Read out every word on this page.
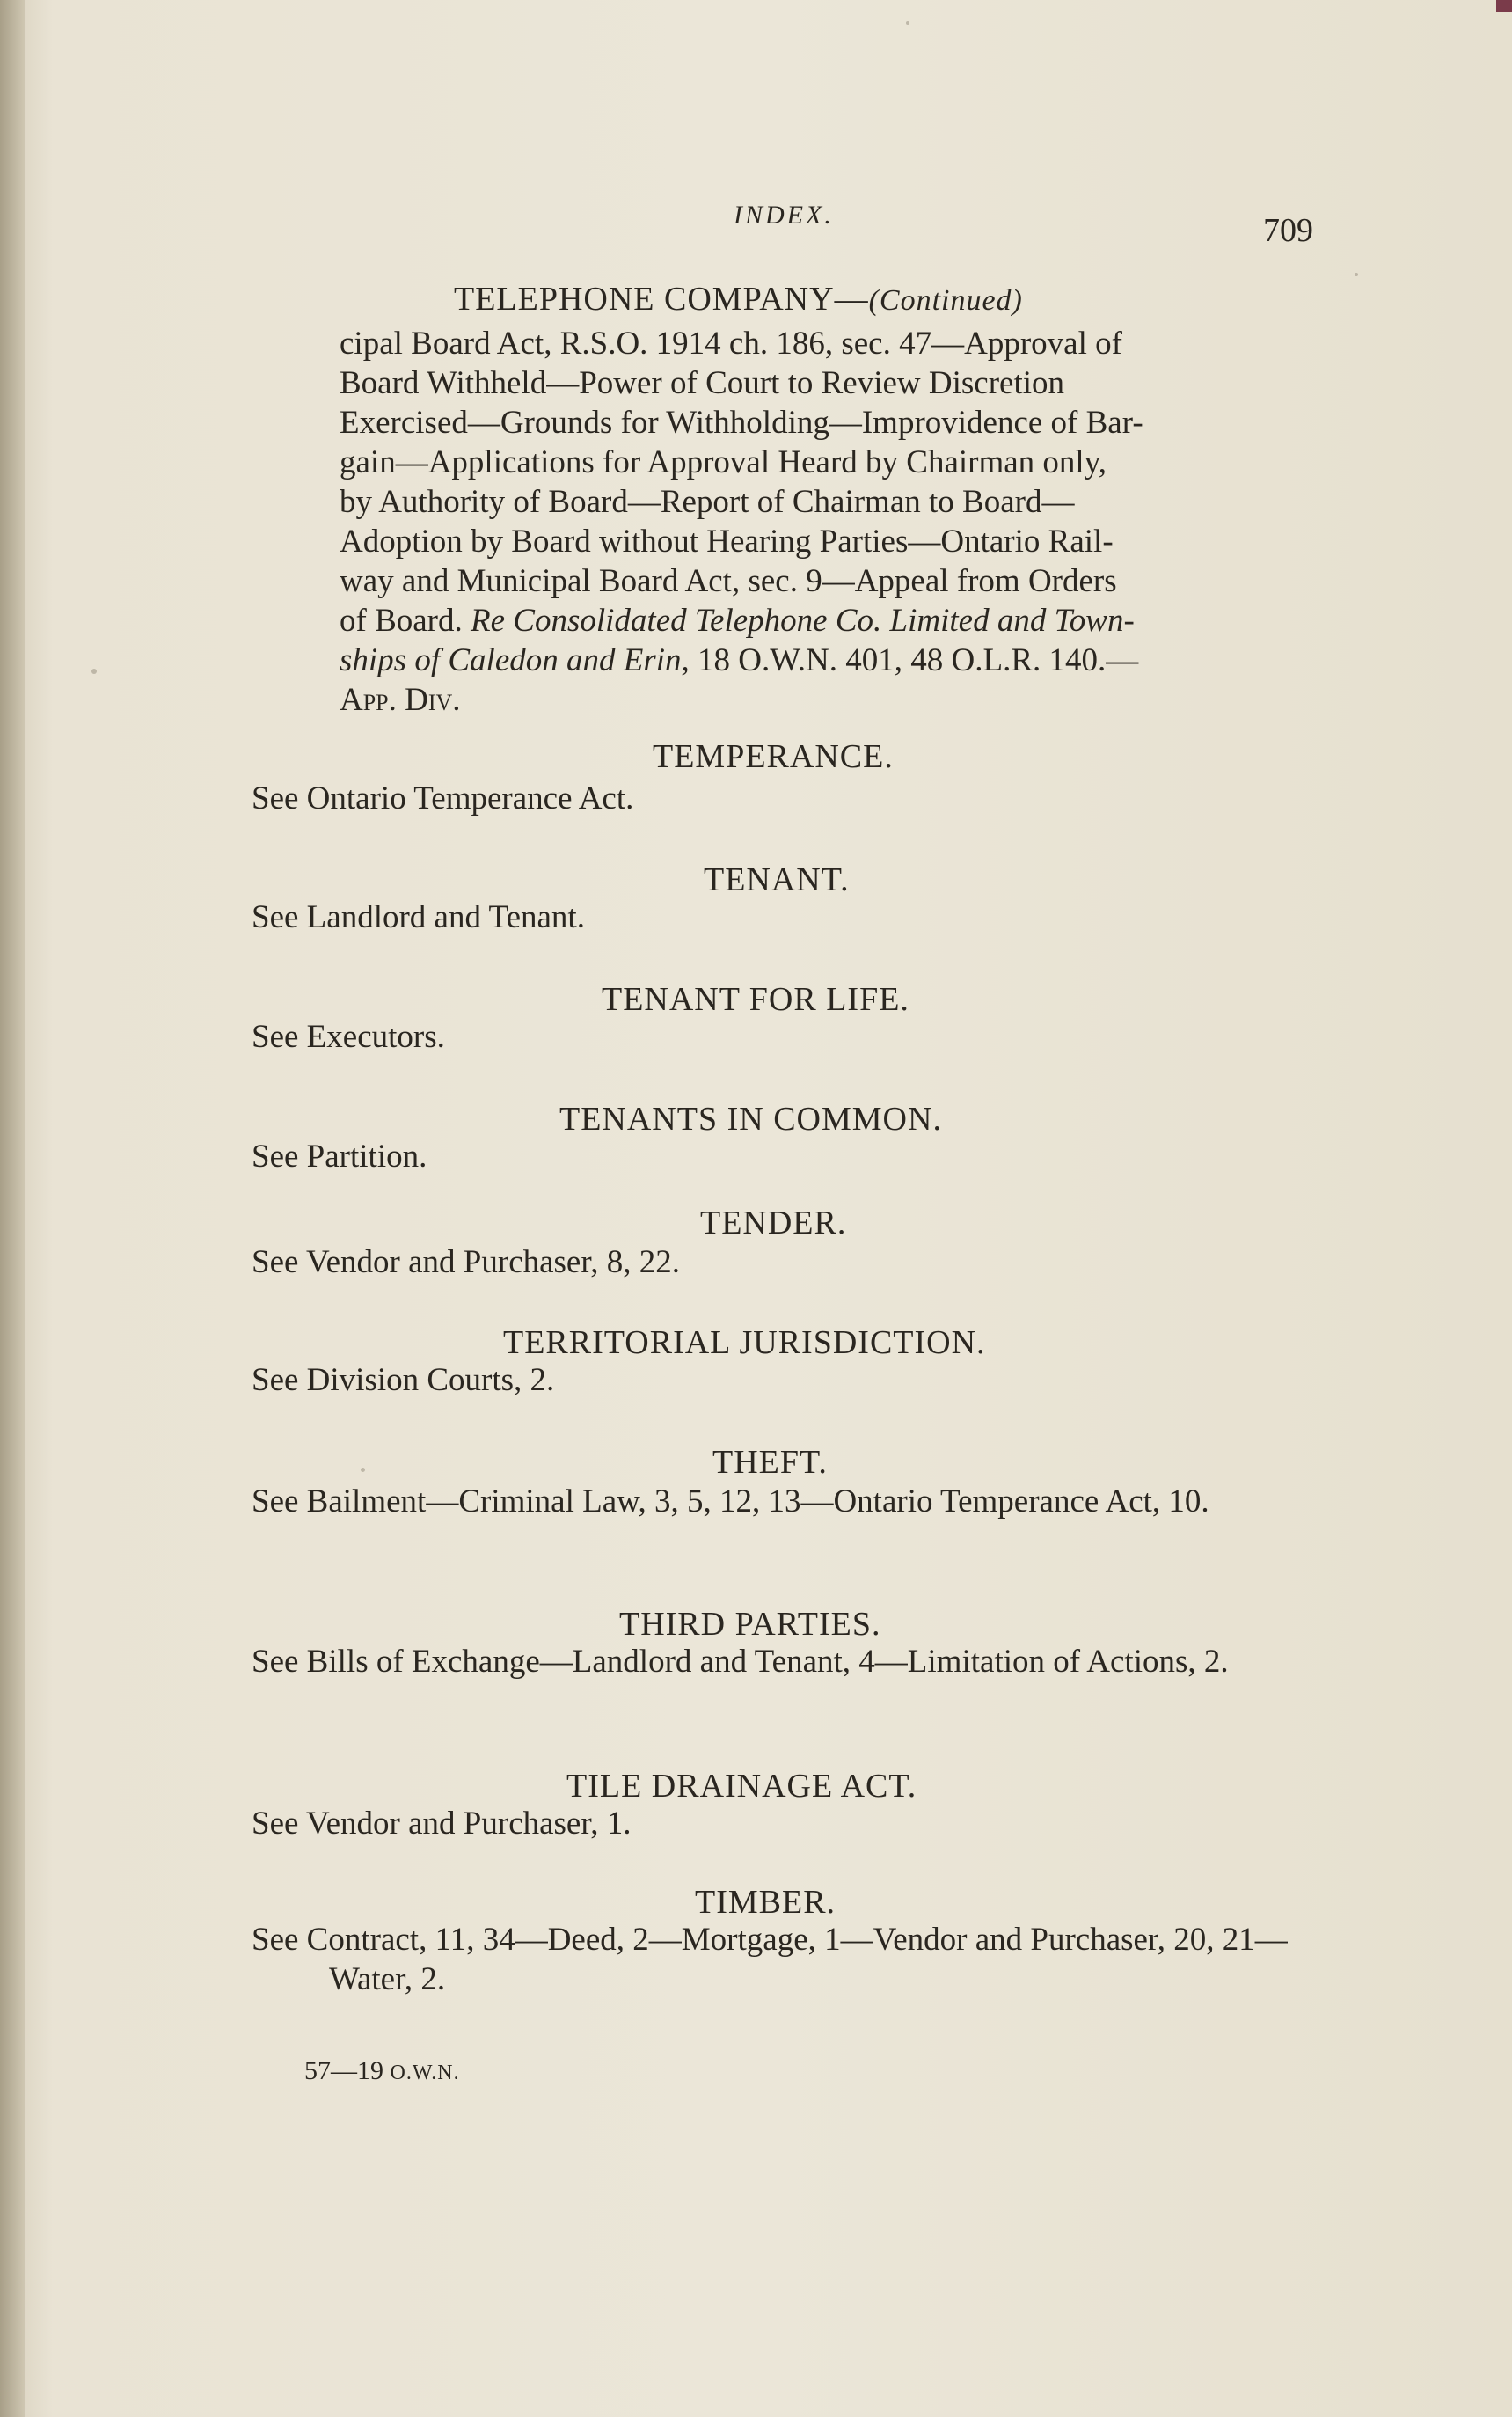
INDEX.	709
TELEPHONE COMPANY—(Continued)

cipal Board Act, R.S.O. 1914 ch. 186, sec. 47—Approval of

Board Withheld—Power of Court to Review Discretion

Exercised—Grounds for Withholding—Improvidence of Bar-

gain—Applications for Approval Heard by Chairman only,

by Authority of Board—Report of Chairman to Board—

Adoption by Board without Hearing Parties—Ontario Rail-

way and Municipal Board Act, sec. 9—Appeal from Orders

of Board. Re Consolidated Telephone Co. Limited and Town-

ships of Caledon and Erin, 18 O.W.N. 401, 48 O.L.R. 140.—

App. Div.

TEMPERANCE.
See Ontario Temperance Act.
TENANT.
See Landlord and Tenant.
TENANT FOR LIFE.
See Executors.
TENANTS IN COMMON.
See Partition.
TENDER.
See Vendor and Purchaser, 8, 22.
TERRITORIAL JURISDICTION.
See Division Courts, 2.
THEFT.
See Bailment—Criminal Law, 3, 5, 12, 13—Ontario Temperance Act, 10.
THIRD PARTIES.
See Bills of Exchange—Landlord and Tenant, 4—Limitation of Actions, 2.
TILE DRAINAGE ACT.
See Vendor and Purchaser, 1.
TIMBER.
See Contract, 11, 34—Deed, 2—Mortgage, 1—Vendor and Purchaser, 20, 21—Water, 2.
57—19 O.W.N.
